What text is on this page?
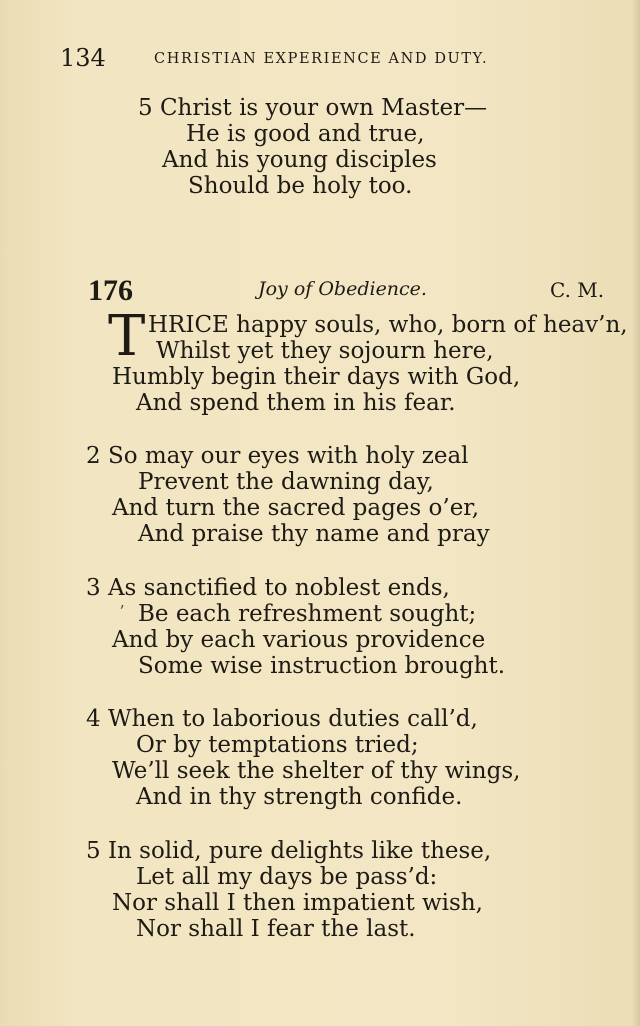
134	CHRISTIAN EXPERIENCE AND DUTY.
5 Christ is your own Master—
He is good and true,
And his young disciples
Should be holy too.
176	Joy of Obedience.	C. M.
T HRICE happy souls, who, born of heav’n,
Whilst yet they sojourn here,
Humbly begin their days with God,
And spend them in his fear.
2 So may our eyes with holy zeal
Prevent the dawning day,
And turn the sacred pages o’er,
And praise thy name and pray
3 As sanctified to noblest ends,
ʼ Be each refreshment sought;
And by each various providence
Some wise instruction brought.
4 When to laborious duties call’d,
Or by temptations tried;
We’ll seek the shelter of thy wings,
And in thy strength confide.
5 In solid, pure delights like these,
Let all my days be pass’d:
Nor shall I then impatient wish,
Nor shall I fear the last.
